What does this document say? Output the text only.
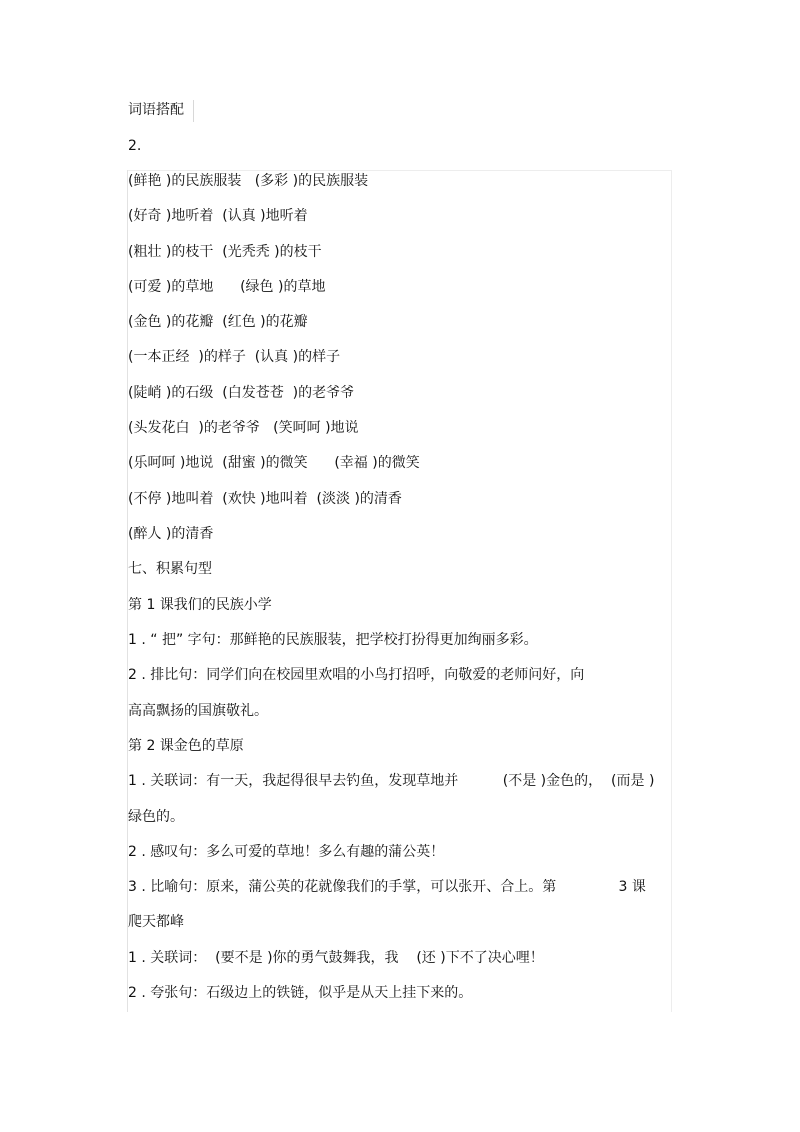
词语搭配
2.
(鲜艳 )的民族服装   (多彩 )的民族服装
(好奇 )地听着  (认真 )地听着
(粗壮 )的枝干  (光秃秃 )的枝干
(可爱 )的草地      (绿色 )的草地
(金色 )的花瓣  (红色 )的花瓣
(一本正经  )的样子  (认真 )的样子
(陡峭 )的石级  (白发苍苍  )的老爷爷
(头发花白  )的老爷爷   (笑呵呵 )地说
(乐呵呵 )地说  (甜蜜 )的微笑      (幸福 )的微笑
(不停 )地叫着  (欢快 )地叫着  (淡淡 )的清香
(醉人 )的清香
七、积累句型
第 1 课我们的民族小学
1 . “ 把” 字句：那鲜艳的民族服装，把学校打扮得更加绚丽多彩。
2 . 排比句：同学们向在校园里欢唱的小鸟打招呼，向敬爱的老师问好，向
高高飘扬的国旗敬礼。
第 2 课金色的草原
1 . 关联词：有一天，我起得很早去钓鱼，发现草地并          (不是 )金色的，  (而是 )
绿色的。
2 . 感叹句：多么可爱的草地！多么有趣的蒲公英！
3 . 比喻句：原来，蒲公英的花就像我们的手掌，可以张开、合上。第              3 课
爬天都峰
1 . 关联词：  (要不是 )你的勇气鼓舞我，我    (还 )下不了决心哩！
2 . 夸张句：石级边上的铁链，似乎是从天上挂下来的。
